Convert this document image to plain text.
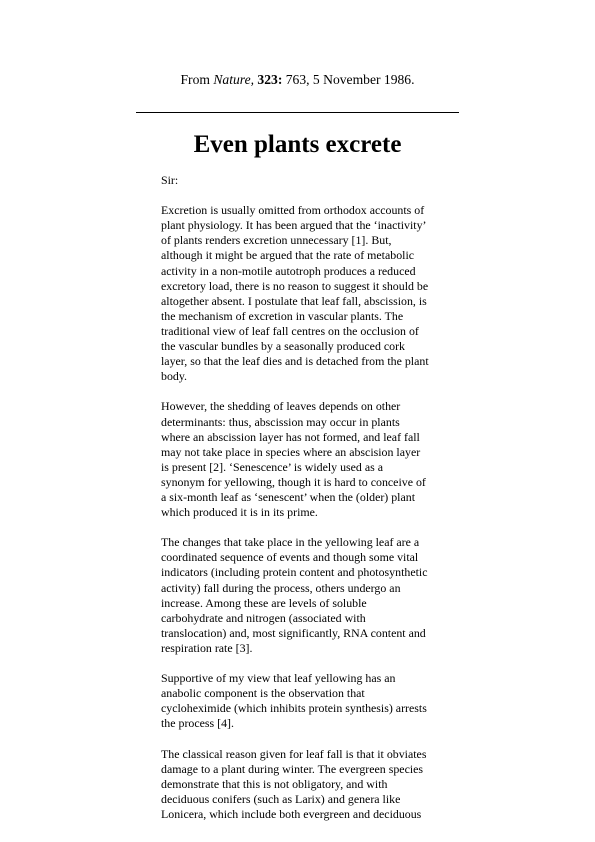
From Nature, 323: 763, 5 November 1986.
Even plants excrete

Sir:

Excretion is usually omitted from orthodox accounts of
plant physiology. It has been argued that the ‘inactivity’
of plants renders excretion unnecessary [1]. But,
although it might be argued that the rate of metabolic
activity in a non-motile autotroph produces a reduced
excretory load, there is no reason to suggest it should be
altogether absent. I postulate that leaf fall, abscission, is
the mechanism of excretion in vascular plants. The
traditional view of leaf fall centres on the occlusion of
the vascular bundles by a seasonally produced cork
layer, so that the leaf dies and is detached from the plant
body.

However, the shedding of leaves depends on other
determinants: thus, abscission may occur in plants
where an abscission layer has not formed, and leaf fall
may not take place in species where an abscision layer
is present [2]. ‘Senescence’ is widely used as a
synonym for yellowing, though it is hard to conceive of
a six-month leaf as ‘senescent’ when the (older) plant
which produced it is in its prime.

The changes that take place in the yellowing leaf are a
coordinated sequence of events and though some vital
indicators (including protein content and photosynthetic
activity) fall during the process, others undergo an
increase. Among these are levels of soluble
carbohydrate and nitrogen (associated with
translocation) and, most significantly, RNA content and
respiration rate [3].

Supportive of my view that leaf yellowing has an
anabolic component is the observation that
cycloheximide (which inhibits protein synthesis) arrests
the process [4].

The classical reason given for leaf fall is that it obviates
damage to a plant during winter. The evergreen species
demonstrate that this is not obligatory, and with
deciduous conifers (such as Larix) and genera like
Lonicera, which include both evergreen and deciduous
